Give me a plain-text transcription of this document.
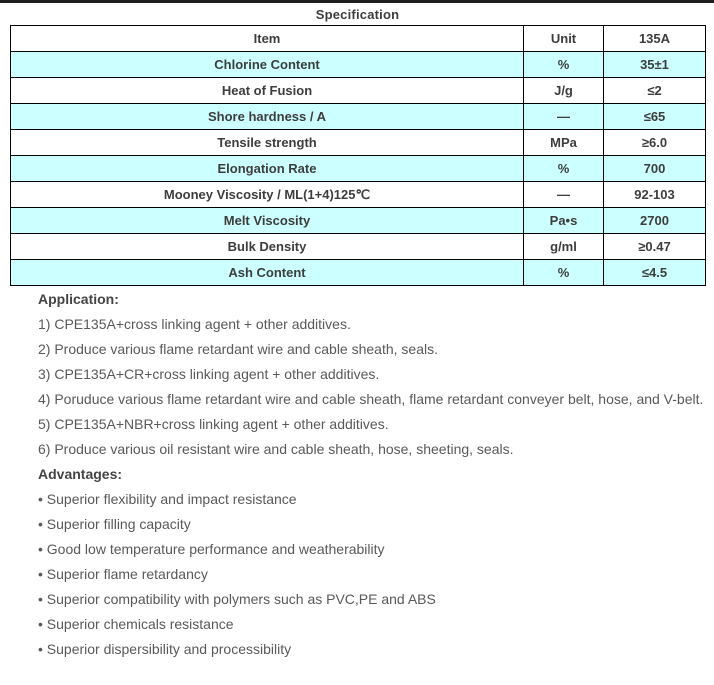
Specification
Item	Unit	135A
Chlorine Content	%	35±1
Heat of Fusion	J/g	≤2
Shore hardness / A	—	≤65
Tensile strength	MPa	≥6.0
Elongation Rate	%	700
Mooney Viscosity / ML(1+4)125℃	—	92-103
Melt Viscosity	Pa•s	2700
Bulk Density	g/ml	≥0.47
Ash Content	%	≤4.5

Application:

1) CPE135A+cross linking agent + other additives.

2) Produce various flame retardant wire and cable sheath, seals.

3) CPE135A+CR+cross linking agent + other additives.

4) Poruduce various flame retardant wire and cable sheath, flame retardant conveyer belt, hose, and V-belt.

5) CPE135A+NBR+cross linking agent + other additives.

6) Produce various oil resistant wire and cable sheath, hose, sheeting, seals.

Advantages:

• Superior flexibility and impact resistance

• Superior filling capacity

• Good low temperature performance and weatherability

• Superior flame retardancy

• Superior compatibility with polymers such as PVC,PE and ABS

• Superior chemicals resistance

• Superior dispersibility and processibility
